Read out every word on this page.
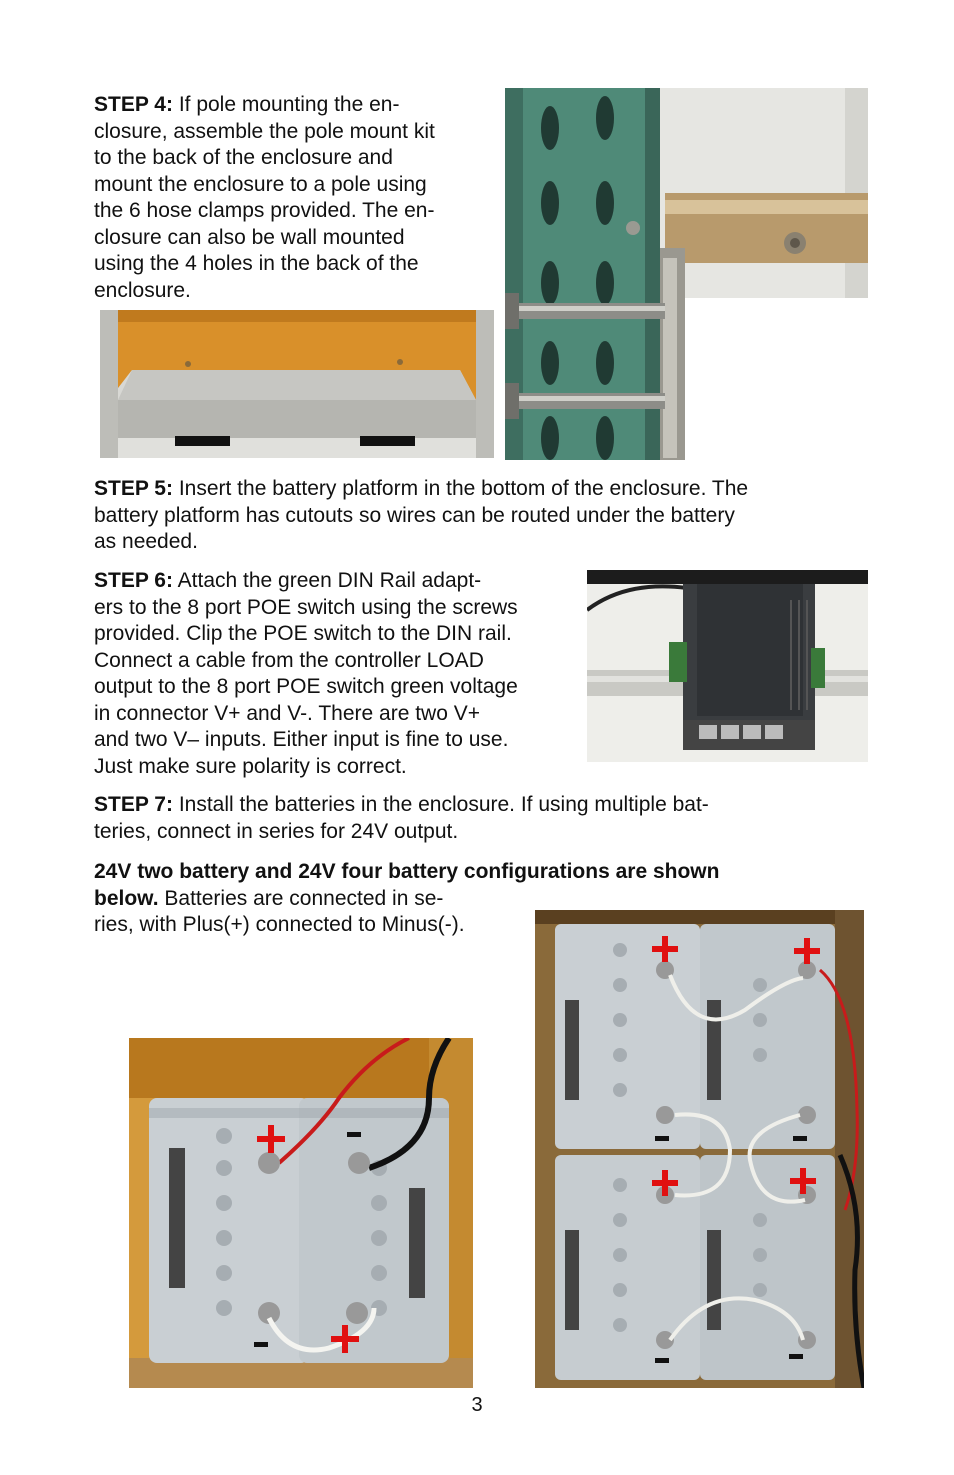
STEP 4: If pole mounting the en-
closure, assemble the pole mount kit
to the back of the enclosure and
mount the enclosure to a pole using
the 6 hose clamps provided. The en-
closure can also be wall mounted
using the 4 holes in the back of the
enclosure.

STEP 5: Insert the battery platform in the bottom of the enclosure. The
battery platform has cutouts so wires can be routed under the battery
as needed.

STEP 6: Attach the green DIN Rail adapt-
ers to the 8 port POE switch using the screws
provided. Clip the POE switch to the DIN rail.
Connect a cable from the controller LOAD
output to the 8 port POE switch green voltage
in connector V+ and V-. There are two V+
and two V– inputs. Either input is fine to use.
Just make sure polarity is correct.

STEP 7: Install the batteries in the enclosure. If using multiple bat-
teries, connect in series for 24V output.

24V two battery and 24V four battery configurations are shown
below. Batteries are connected in se-
ries, with Plus(+) connected to Minus(-).

3
